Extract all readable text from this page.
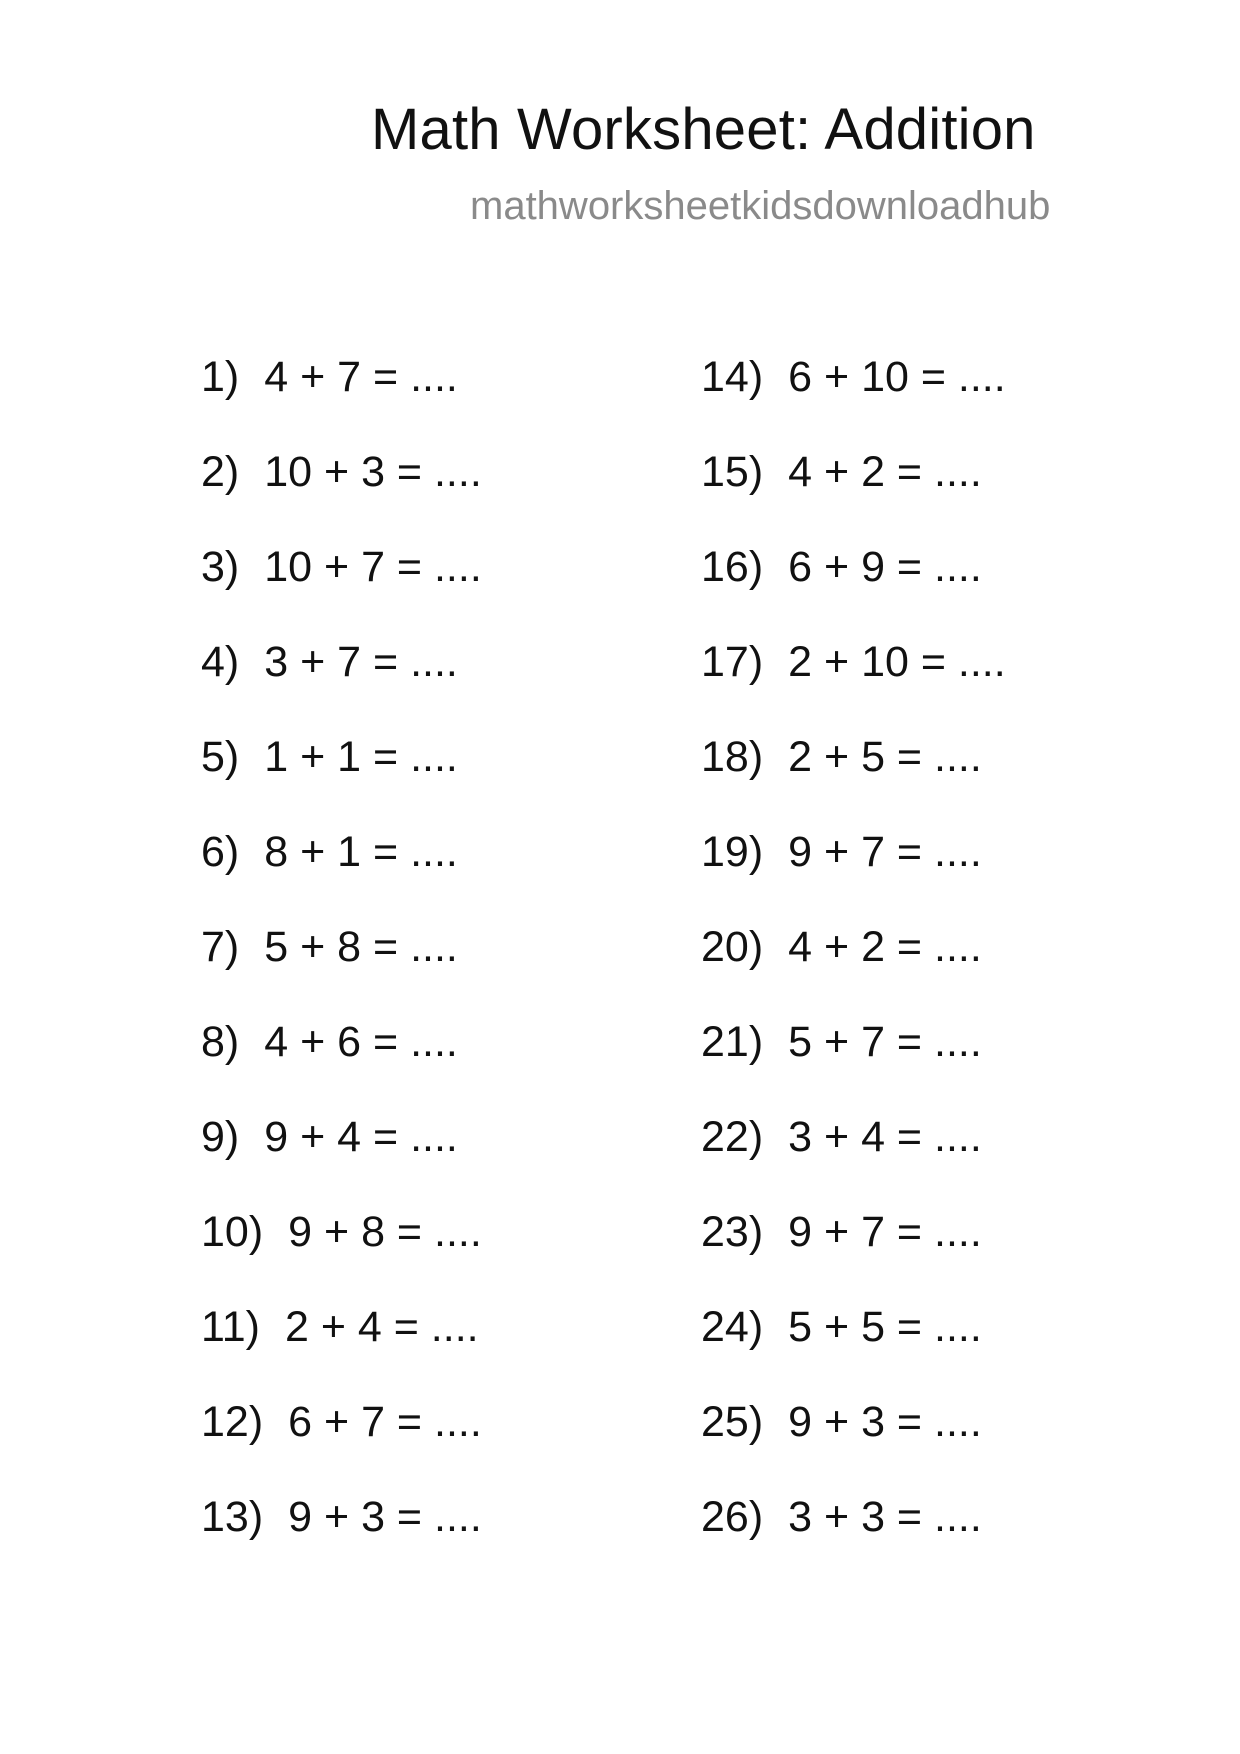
Math Worksheet: Addition
mathworksheetkidsdownloadhub
1) 4 + 7 = ....
2) 10 + 3 = ....
3) 10 + 7 = ....
4) 3 + 7 = ....
5) 1 + 1 = ....
6) 8 + 1 = ....
7) 5 + 8 = ....
8) 4 + 6 = ....
9) 9 + 4 = ....
10) 9 + 8 = ....
11) 2 + 4 = ....
12) 6 + 7 = ....
13) 9 + 3 = ....
14) 6 + 10 = ....
15) 4 + 2 = ....
16) 6 + 9 = ....
17) 2 + 10 = ....
18) 2 + 5 = ....
19) 9 + 7 = ....
20) 4 + 2 = ....
21) 5 + 7 = ....
22) 3 + 4 = ....
23) 9 + 7 = ....
24) 5 + 5 = ....
25) 9 + 3 = ....
26) 3 + 3 = ....
